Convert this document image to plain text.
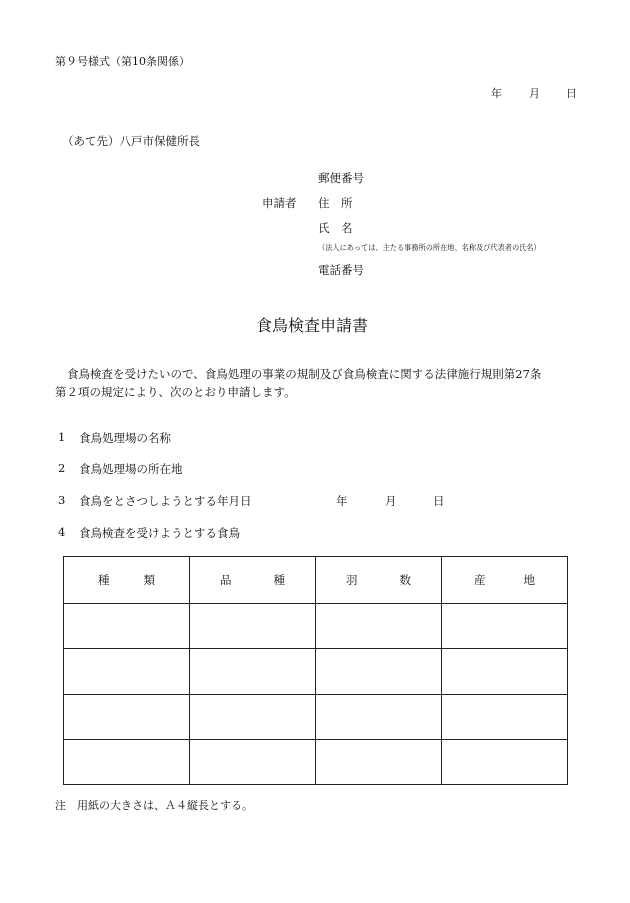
第９号様式（第10条関係）
年 月 日
（あて先）八戸市保健所長
郵便番号
申請者 住　所
氏　名
（法人にあっては、主たる事務所の所在地、名称及び代表者の氏名）
電話番号
食鳥検査申請書
食鳥検査を受けたいので、食鳥処理の事業の規制及び食鳥検査に関する法律施行規則第27条
第２項の規定により、次のとおり申請します。
1 食鳥処理場の名称
2 食鳥処理場の所在地
3 食鳥をとさつしようとする年月日	年	月	日
4 食鳥検査を受けようとする食鳥
種類	品種	羽数	産地

注　用紙の大きさは、Ａ４縦長とする。
